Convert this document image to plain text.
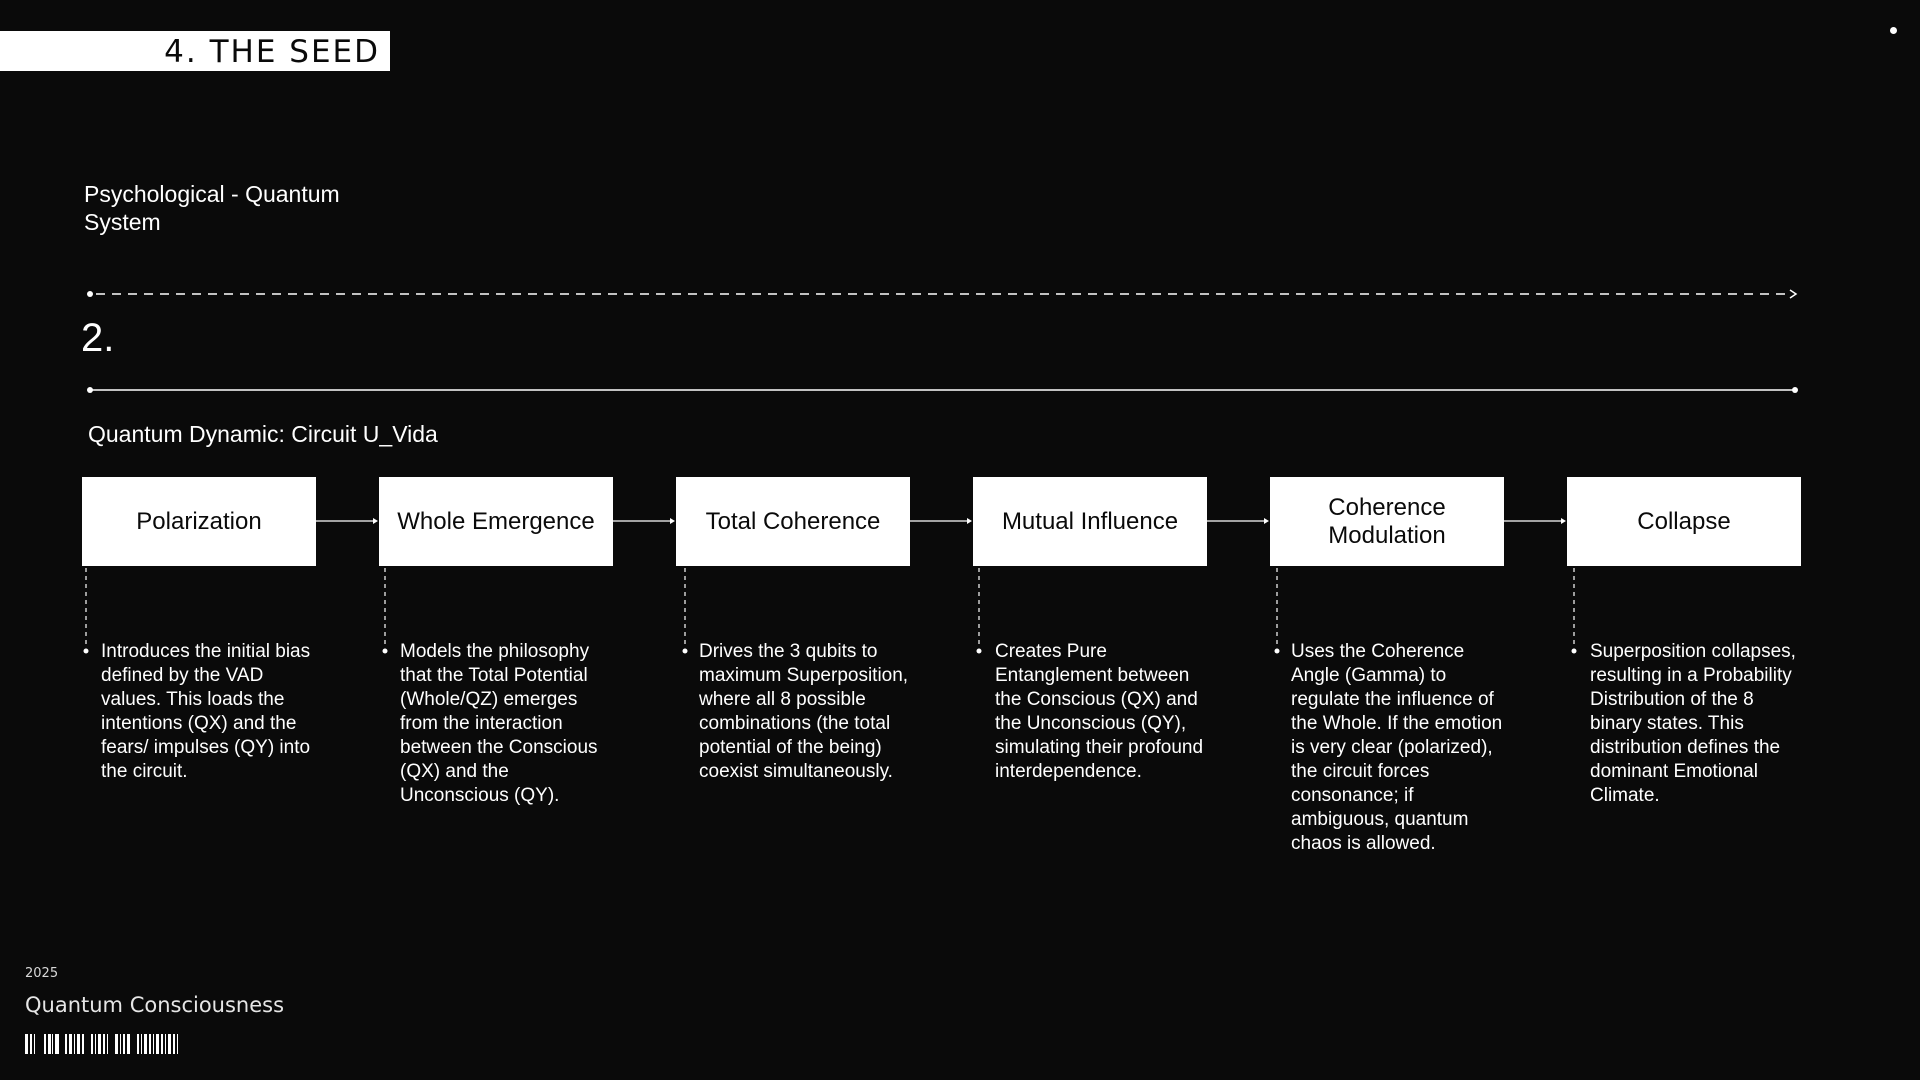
4. THE SEED
Psychological - Quantum
System
2.
Quantum Dynamic: Circuit U_Vida
Polarization	Whole Emergence	Total Coherence	Mutual Influence
Coherence Modulation
Collapse
Introduces the initial bias defined by the VAD values. This loads the intentions (QX) and the fears/ impulses (QY) into the circuit.
Models the philosophy that the Total Potential (Whole/QZ) emerges from the interaction between the Conscious (QX) and the Unconscious (QY).
Drives the 3 qubits to maximum Superposition, where all 8 possible combinations (the total potential of the being) coexist simultaneously.
Creates Pure Entanglement between the Conscious (QX) and the Unconscious (QY), simulating their profound interdependence.
Uses the Coherence Angle (Gamma) to regulate the influence of the Whole. If the emotion is very clear (polarized), the circuit forces consonance; if ambiguous, quantum chaos is allowed.
Superposition collapses, resulting in a Probability Distribution of the 8 binary states. This distribution defines the dominant Emotional Climate.
2025
Quantum Consciousness
